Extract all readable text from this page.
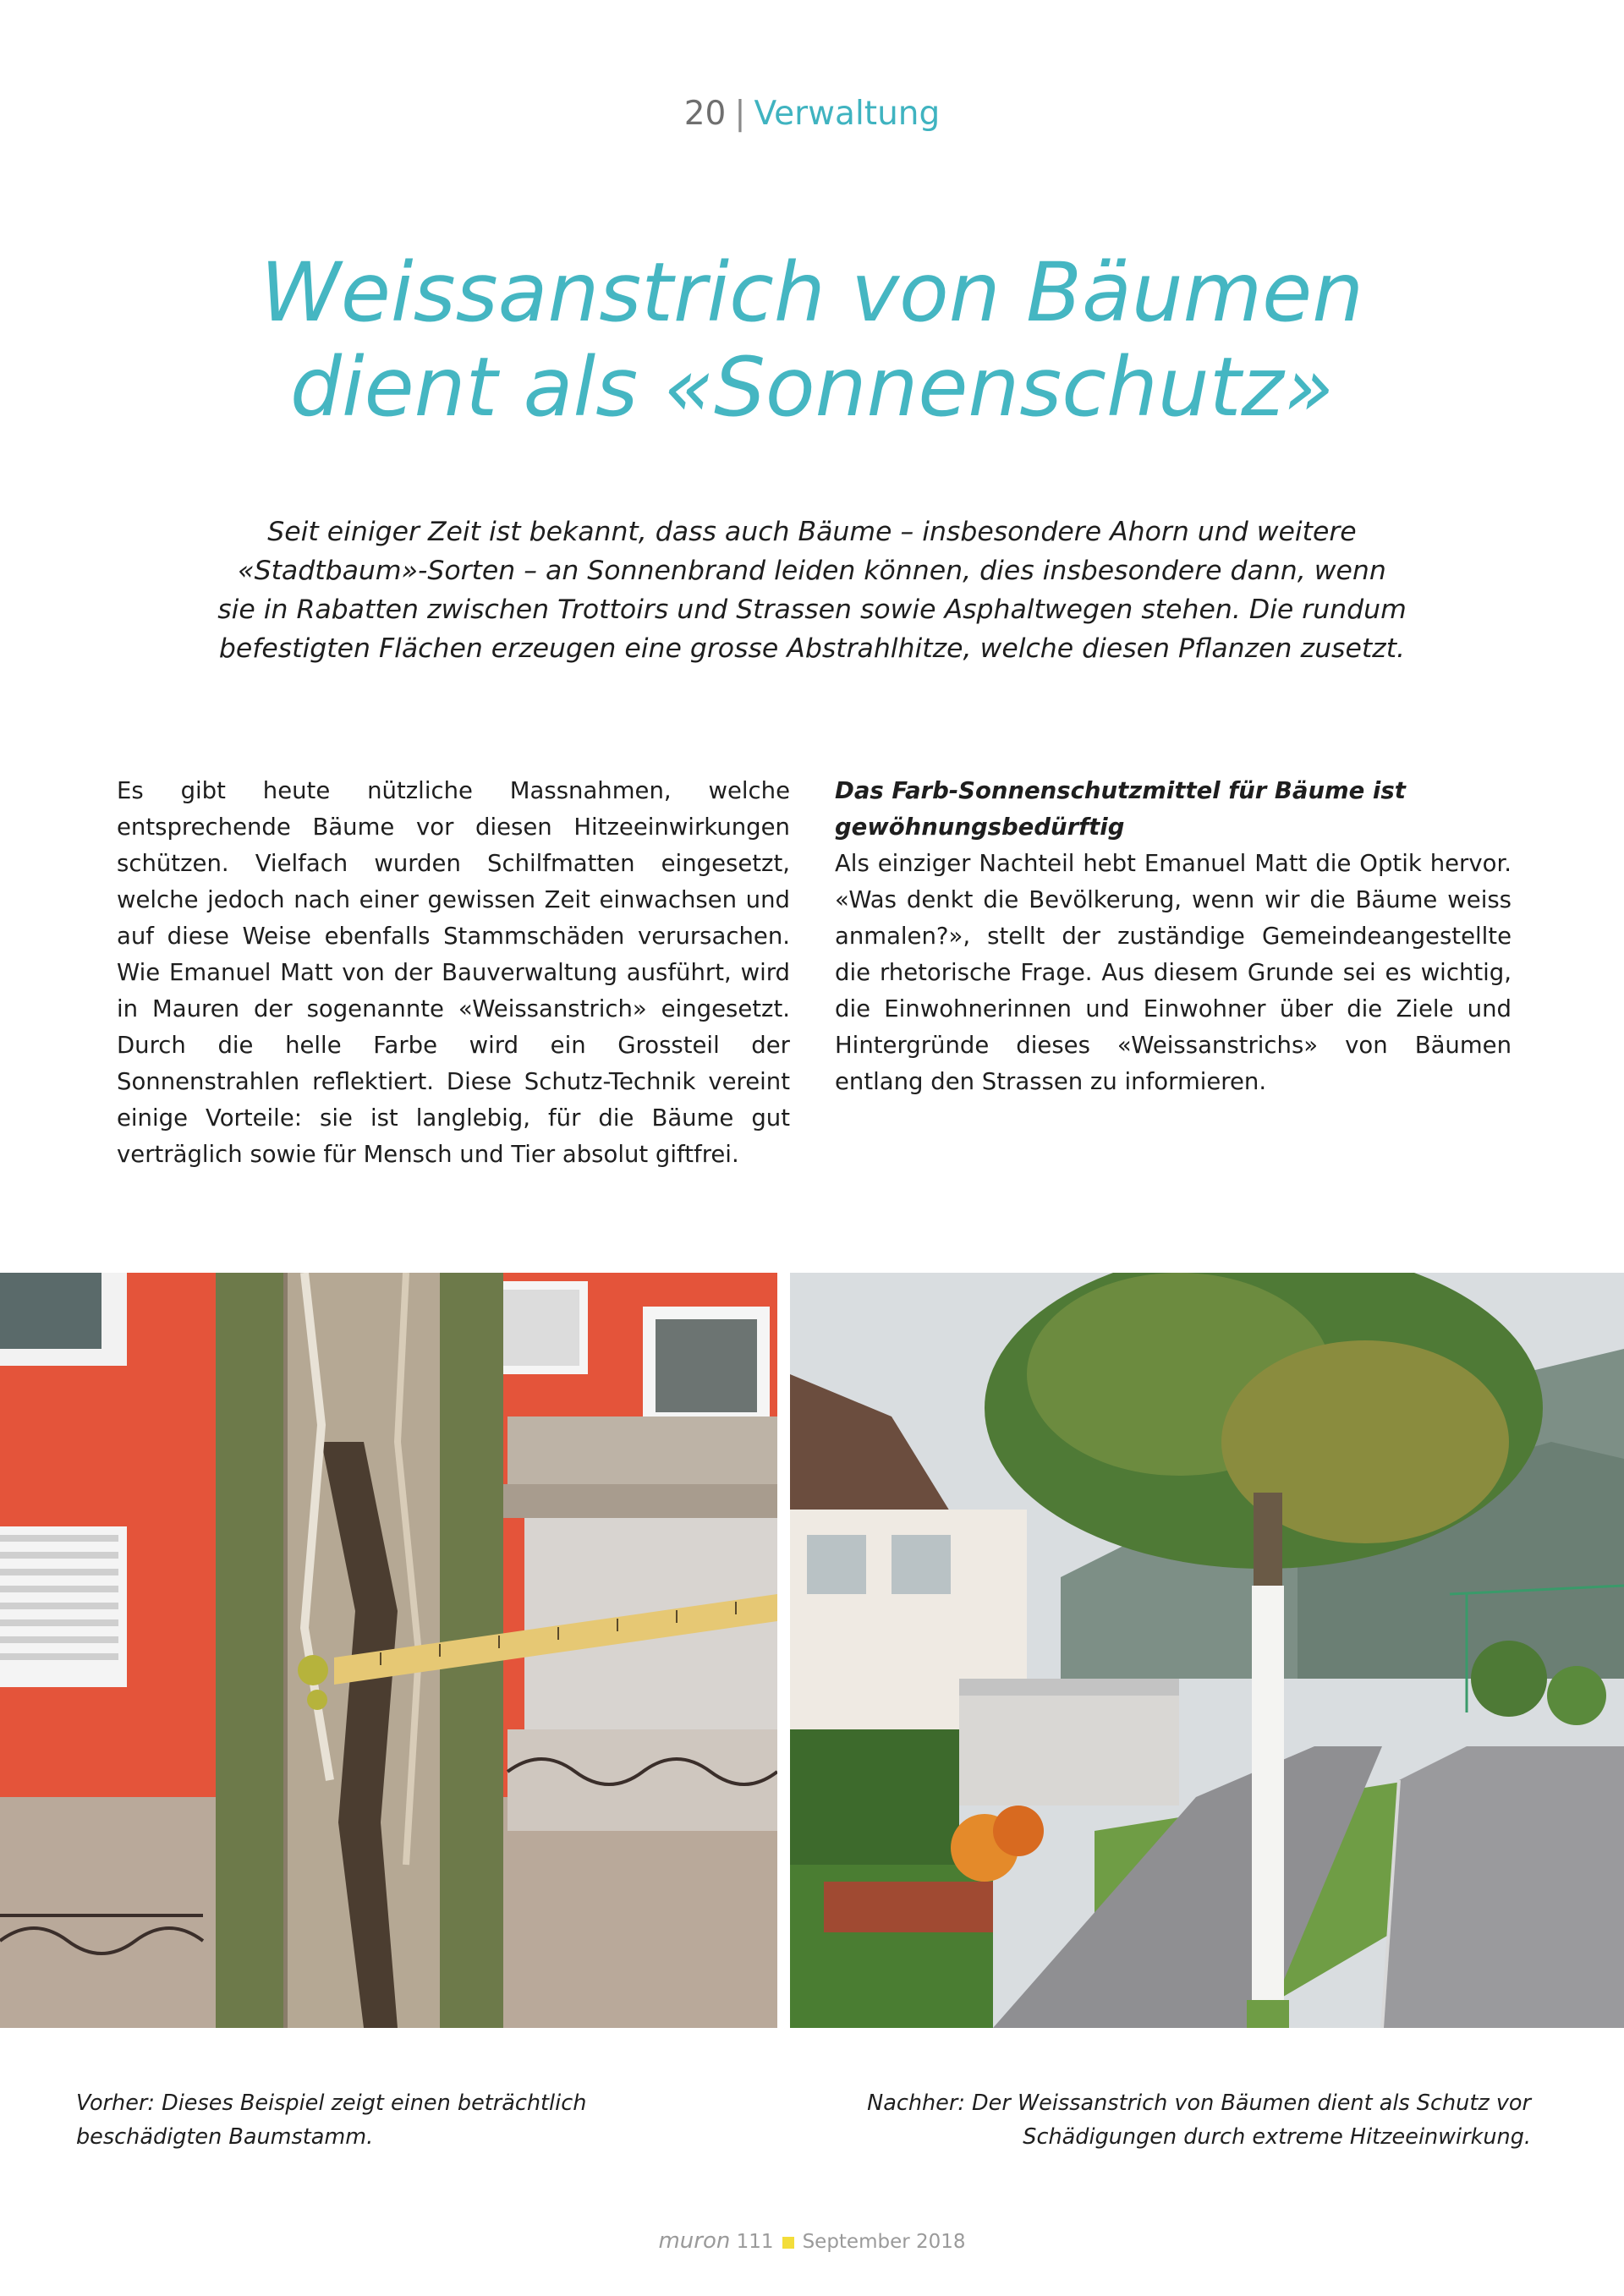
20 | Verwaltung
Weissanstrich von Bäumen
dient als «Sonnenschutz»
Seit einiger Zeit ist bekannt, dass auch Bäume – insbesondere Ahorn und weitere
«Stadtbaum»-Sorten – an Sonnenbrand leiden können, dies insbesondere dann, wenn
sie in Rabatten zwischen Trottoirs und Strassen sowie Asphaltwegen stehen. Die rundum
befestigten Flächen erzeugen eine grosse Abstrahlhitze, welche diesen Pflanzen zusetzt.

Es gibt heute nützliche Massnahmen, welche entsprechende Bäume vor diesen Hitzeeinwirkungen schützen. Vielfach wurden Schilfmatten eingesetzt, welche jedoch nach einer gewissen Zeit einwachsen und auf diese Weise ebenfalls Stammschäden verursachen. Wie Emanuel Matt von der Bauverwaltung ausführt, wird in Mauren der sogenannte «Weissanstrich» eingesetzt. Durch die helle Farbe wird ein Grossteil der Sonnenstrahlen reflektiert. Diese Schutz-Technik vereint einige Vorteile: sie ist langlebig, für die Bäume gut verträglich sowie für Mensch und Tier absolut giftfrei.

Das Farb-Sonnenschutzmittel für Bäume ist gewöhnungsbedürftig

Als einziger Nachteil hebt Emanuel Matt die Optik hervor. «Was denkt die Bevölkerung, wenn wir die Bäume weiss anmalen?», stellt der zuständige Gemeindeangestellte die rhetorische Frage. Aus diesem Grunde sei es wichtig, die Einwohnerinnen und Einwohner über die Ziele und Hintergründe dieses «Weissanstrichs» von Bäumen entlang den Strassen zu informieren.

Vorher: Dieses Beispiel zeigt einen beträchtlich beschädigten Baumstamm.
Nachher: Der Weissanstrich von Bäumen dient als Schutz vor Schädigungen durch extreme Hitzeeinwirkung.
muron 111 September 2018
